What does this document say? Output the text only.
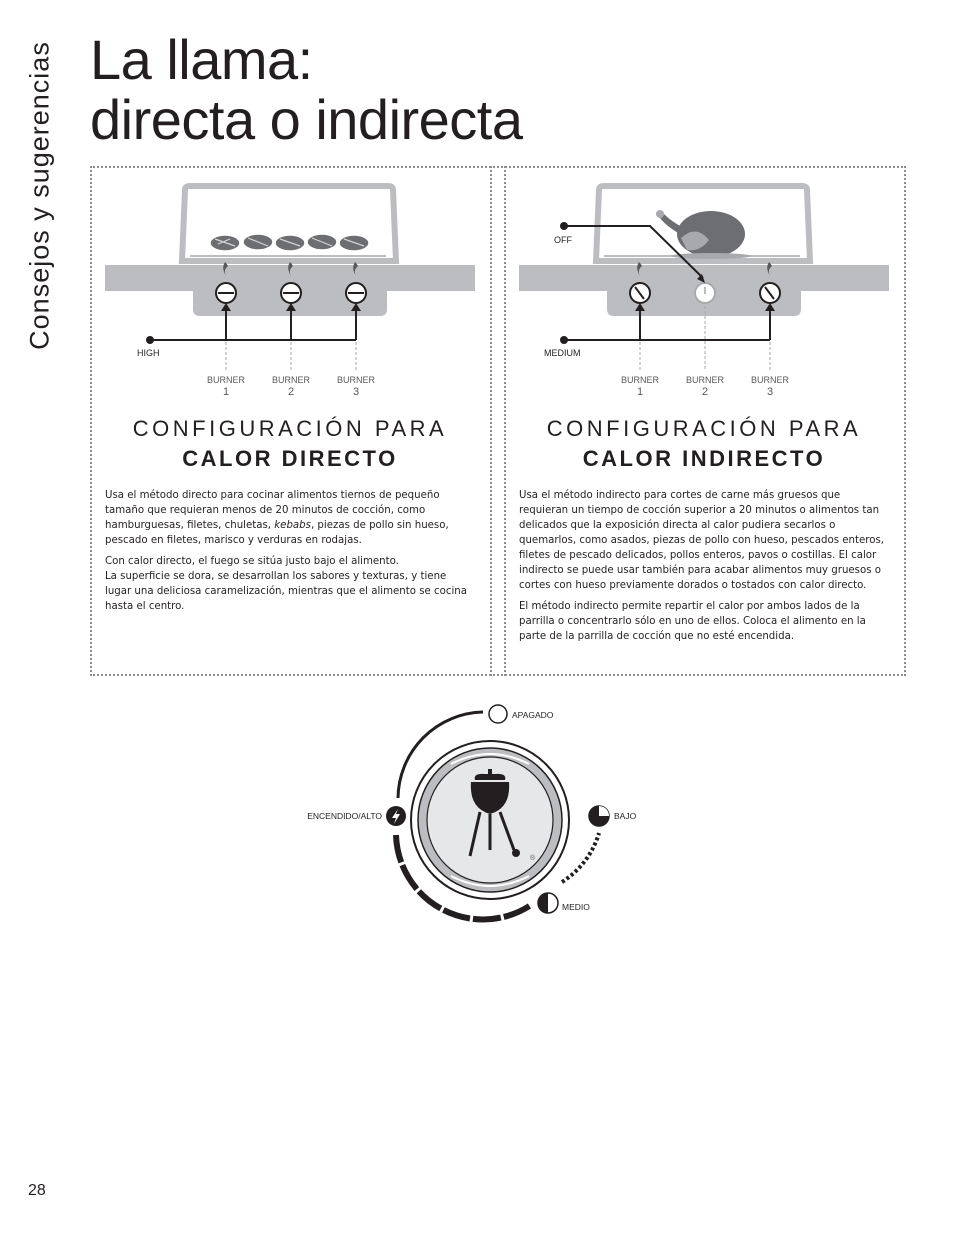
Consejos y sugerencias La llama:
directa o indirecta
HIGH
BURNER
1
BURNER
2
BURNER
3
CONFIGURACIÓN PARA
CALOR DIRECTO

Usa el método directo para cocinar alimentos tiernos de pequeño tamaño que requieran menos de 20 minutos de cocción, como hamburguesas, filetes, chuletas, kebabs, piezas de pollo sin hueso, pescado en filetes, marisco y verduras en rodajas.

Con calor directo, el fuego se sitúa justo bajo el alimento.
La superficie se dora, se desarrollan los sabores y texturas, y tiene lugar una deliciosa caramelización, mientras que el alimento se cocina hasta el centro.

OFF
MEDIUM
BURNER
1
BURNER
2
BURNER
3
CONFIGURACIÓN PARA
CALOR INDIRECTO

Usa el método indirecto para cortes de carne más gruesos que requieran un tiempo de cocción superior a 20 minutos o alimentos tan delicados que la exposición directa al calor pudiera secarlos o quemarlos, como asados, piezas de pollo con hueso, pescados enteros, filetes de pescado delicados, pollos enteros, pavos o costillas. El calor indirecto se puede usar también para acabar alimentos muy gruesos o cortes con hueso previamente dorados o tostados con calor directo.

El método indirecto permite repartir el calor por ambos lados de la parrilla o concentrarlo sólo en uno de ellos. Coloca el alimento en la parte de la parrilla de cocción que no esté encendida.

®
APAGADO
ENCENDIDO/ALTO	BAJO
MEDIO
28
